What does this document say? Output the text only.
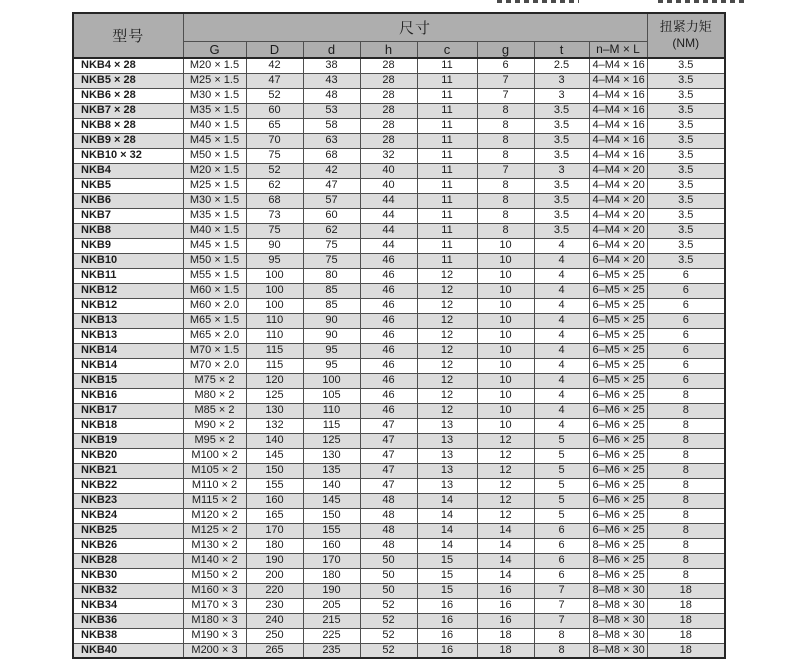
型号	尺寸								扭紧力矩
(NM)

	G	D	d	h	c	g	t	n–M × L	
NKB4 × 28	M20 × 1.5	42	38	28	11	6	2.5	4–M4 × 16	3.5
NKB5 × 28	M25 × 1.5	47	43	28	11	7	3	4–M4 × 16	3.5
NKB6 × 28	M30 × 1.5	52	48	28	11	7	3	4–M4 × 16	3.5
NKB7 × 28	M35 × 1.5	60	53	28	11	8	3.5	4–M4 × 16	3.5
NKB8 × 28	M40 × 1.5	65	58	28	11	8	3.5	4–M4 × 16	3.5
NKB9 × 28	M45 × 1.5	70	63	28	11	8	3.5	4–M4 × 16	3.5
NKB10 × 32	M50 × 1.5	75	68	32	11	8	3.5	4–M4 × 16	3.5
NKB4	M20 × 1.5	52	42	40	11	7	3	4–M4 × 20	3.5
NKB5	M25 × 1.5	62	47	40	11	8	3.5	4–M4 × 20	3.5
NKB6	M30 × 1.5	68	57	44	11	8	3.5	4–M4 × 20	3.5
NKB7	M35 × 1.5	73	60	44	11	8	3.5	4–M4 × 20	3.5
NKB8	M40 × 1.5	75	62	44	11	8	3.5	4–M4 × 20	3.5
NKB9	M45 × 1.5	90	75	44	11	10	4	6–M4 × 20	3.5
NKB10	M50 × 1.5	95	75	46	11	10	4	6–M4 × 20	3.5
NKB11	M55 × 1.5	100	80	46	12	10	4	6–M5 × 25	6
NKB12	M60 × 1.5	100	85	46	12	10	4	6–M5 × 25	6
NKB12	M60 × 2.0	100	85	46	12	10	4	6–M5 × 25	6
NKB13	M65 × 1.5	110	90	46	12	10	4	6–M5 × 25	6
NKB13	M65 × 2.0	110	90	46	12	10	4	6–M5 × 25	6
NKB14	M70 × 1.5	115	95	46	12	10	4	6–M5 × 25	6
NKB14	M70 × 2.0	115	95	46	12	10	4	6–M5 × 25	6
NKB15	M75 × 2	120	100	46	12	10	4	6–M5 × 25	6
NKB16	M80 × 2	125	105	46	12	10	4	6–M6 × 25	8
NKB17	M85 × 2	130	110	46	12	10	4	6–M6 × 25	8
NKB18	M90 × 2	132	115	47	13	10	4	6–M6 × 25	8
NKB19	M95 × 2	140	125	47	13	12	5	6–M6 × 25	8
NKB20	M100 × 2	145	130	47	13	12	5	6–M6 × 25	8
NKB21	M105 × 2	150	135	47	13	12	5	6–M6 × 25	8
NKB22	M110 × 2	155	140	47	13	12	5	6–M6 × 25	8
NKB23	M115 × 2	160	145	48	14	12	5	6–M6 × 25	8
NKB24	M120 × 2	165	150	48	14	12	5	6–M6 × 25	8
NKB25	M125 × 2	170	155	48	14	14	6	6–M6 × 25	8
NKB26	M130 × 2	180	160	48	14	14	6	8–M6 × 25	8
NKB28	M140 × 2	190	170	50	15	14	6	8–M6 × 25	8
NKB30	M150 × 2	200	180	50	15	14	6	8–M6 × 25	8
NKB32	M160 × 3	220	190	50	15	16	7	8–M8 × 30	18
NKB34	M170 × 3	230	205	52	16	16	7	8–M8 × 30	18
NKB36	M180 × 3	240	215	52	16	16	7	8–M8 × 30	18
NKB38	M190 × 3	250	225	52	16	18	8	8–M8 × 30	18
NKB40	M200 × 3	265	235	52	16	18	8	8–M8 × 30	18
